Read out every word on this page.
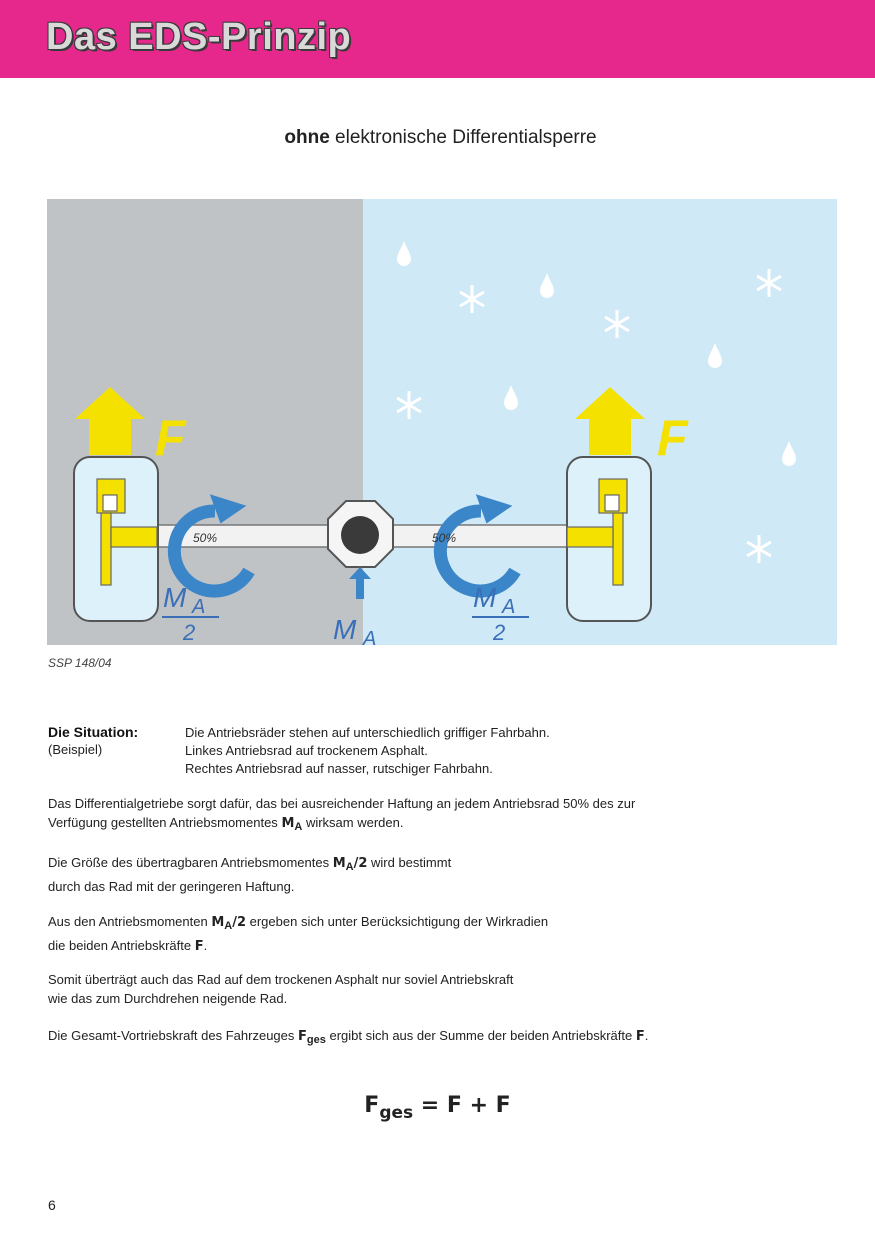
Das EDS-Prinzip
ohne elektronische Differentialsperre
F	F
50%	50%
M A
2	M A
M A
2
SSP 148/04
Die Situation:
(Beispiel)
Die Antriebsräder stehen auf unterschiedlich griffiger Fahrbahn.
Linkes Antriebsrad auf trockenem Asphalt.
Rechtes Antriebsrad auf nasser, rutschiger Fahrbahn.
Das Differentialgetriebe sorgt dafür, das bei ausreichender Haftung an jedem Antriebsrad 50% des zur
Verfügung gestellten Antriebsmomentes $M_A$ wirksam werden.
Die Größe des übertragbaren Antriebsmomentes $M_A/2$ wird bestimmt
durch das Rad mit der geringeren Haftung.
Aus den Antriebsmomenten $M_A/2$ ergeben sich unter Berücksichtigung der Wirkradien
die beiden Antriebskräfte F.
Somit überträgt auch das Rad auf dem trockenen Asphalt nur soviel Antriebskraft
wie das zum Durchdrehen neigende Rad.
Die Gesamt-Vortriebskraft des Fahrzeuges $F_{ges}$ ergibt sich aus der Summe der beiden Antriebskräfte F.
$F_{ges} = F + F$
6
